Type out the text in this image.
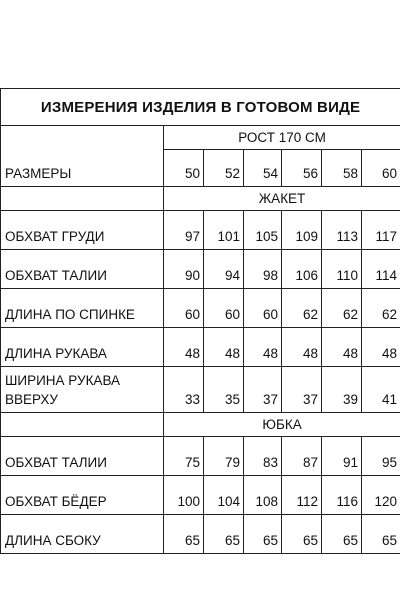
ИЗМЕРЕНИЯ ИЗДЕЛИЯ В ГОТОВОМ ВИДЕ						
РАЗМЕРЫ	РОСТ 170 СМ					
	50	52	54	56	58	60
	ЖАКЕТ					
ОБХВАТ ГРУДИ	97	101	105	109	113	117
ОБХВАТ ТАЛИИ	90	94	98	106	110	114
ДЛИНА ПО СПИНКЕ	60	60	60	62	62	62
ДЛИНА РУКАВА	48	48	48	48	48	48
ШИРИНА РУКАВА ВВЕРХУ	33	35	37	37	39	41
	ЮБКА					
ОБХВАТ ТАЛИИ	75	79	83	87	91	95
ОБХВАТ БЁДЕР	100	104	108	112	116	120
ДЛИНА СБОКУ	65	65	65	65	65	65
